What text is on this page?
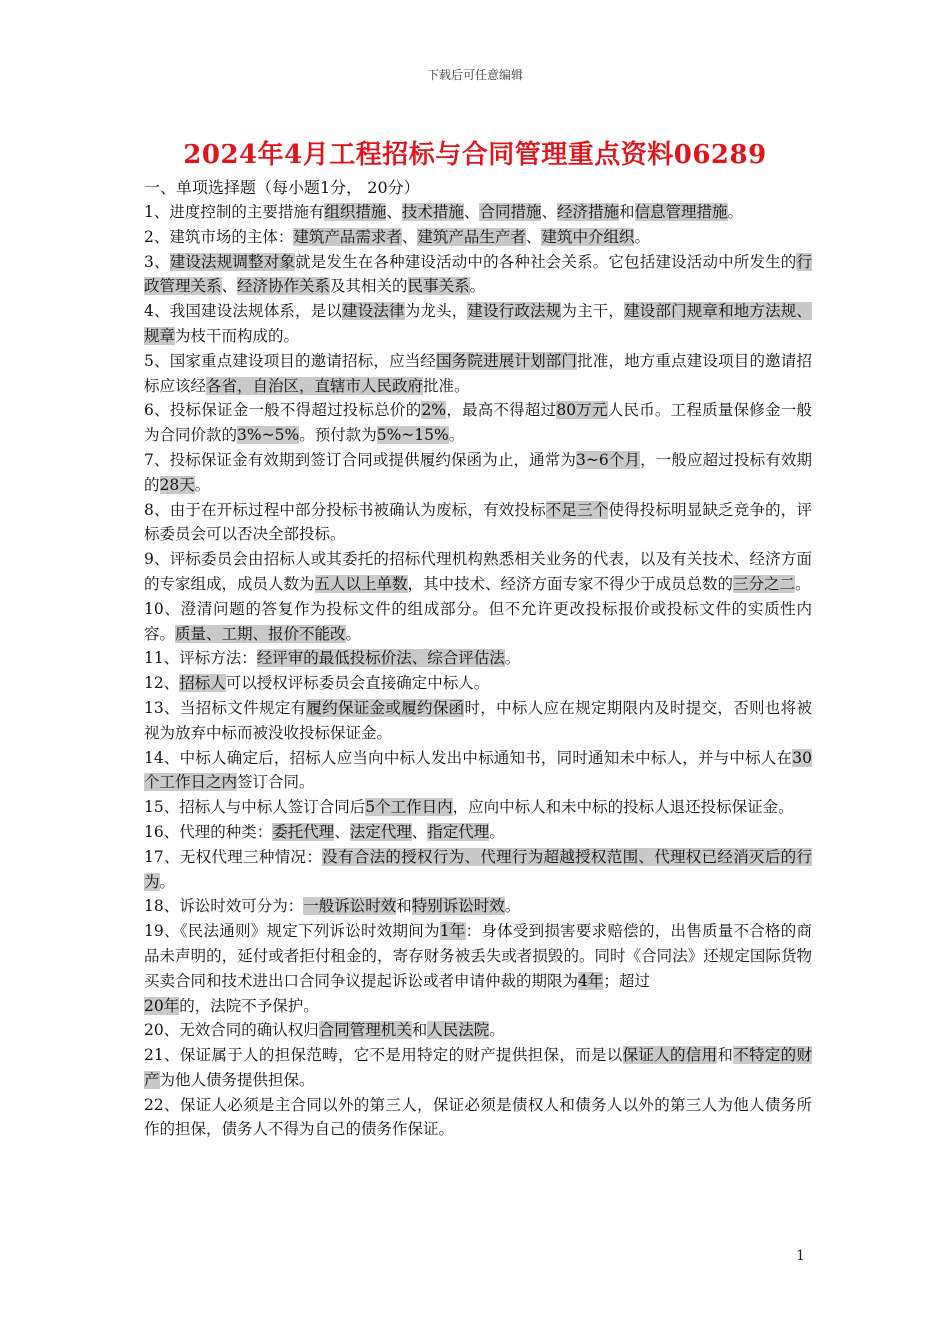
下载后可任意编辑
2024年4月工程招标与合同管理重点资料06289

一、单项选择题（每小题1分， 20分）

1、进度控制的主要措施有组织措施、技术措施、合同措施、经济措施和信息管理措施。

2、建筑市场的主体：建筑产品需求者、建筑产品生产者、建筑中介组织。

3、建设法规调整对象就是发生在各种建设活动中的各种社会关系。它包括建设活动中所发生的行政管理关系、经济协作关系及其相关的民事关系。

4、我国建设法规体系，是以建设法律为龙头，建设行政法规为主干，建设部门规章和地方法规、规章为枝干而构成的。

5、国家重点建设项目的邀请招标，应当经国务院进展计划部门批准，地方重点建设项目的邀请招标应该经各省，自治区，直辖市人民政府批准。

6、投标保证金一般不得超过投标总价的2%，最高不得超过80万元人民币。工程质量保修金一般为合同价款的3%~5%。预付款为5%~15%。

7、投标保证金有效期到签订合同或提供履约保函为止，通常为3~6个月，一般应超过投标有效期的28天。

8、由于在开标过程中部分投标书被确认为废标，有效投标不足三个使得投标明显缺乏竞争的，评标委员会可以否决全部投标。

9、评标委员会由招标人或其委托的招标代理机构熟悉相关业务的代表，以及有关技术、经济方面的专家组成，成员人数为五人以上单数，其中技术、经济方面专家不得少于成员总数的三分之二。

10、澄清问题的答复作为投标文件的组成部分。但不允许更改投标报价或投标文件的实质性内容。质量、工期、报价不能改。

11、评标方法：经评审的最低投标价法、综合评估法。

12、招标人可以授权评标委员会直接确定中标人。

13、当招标文件规定有履约保证金或履约保函时，中标人应在规定期限内及时提交，否则也将被视为放弃中标而被没收投标保证金。

14、中标人确定后，招标人应当向中标人发出中标通知书，同时通知未中标人，并与中标人在30个工作日之内签订合同。

15、招标人与中标人签订合同后5个工作日内，应向中标人和未中标的投标人退还投标保证金。

16、代理的种类：委托代理、法定代理、指定代理。

17、无权代理三种情况：没有合法的授权行为、代理行为超越授权范围、代理权已经消灭后的行为。

18、诉讼时效可分为：一般诉讼时效和特别诉讼时效。

19、《民法通则》规定下列诉讼时效期间为1年：身体受到损害要求赔偿的，出售质量不合格的商品未声明的，延付或者拒付租金的，寄存财务被丢失或者损毁的。同时《合同法》还规定国际货物买卖合同和技术进出口合同争议提起诉讼或者申请仲裁的期限为4年；超过
20年的，法院不予保护。

20、无效合同的确认权归合同管理机关和人民法院。

21、保证属于人的担保范畴，它不是用特定的财产提供担保，而是以保证人的信用和不特定的财产为他人债务提供担保。

22、保证人必须是主合同以外的第三人，保证必须是债权人和债务人以外的第三人为他人债务所作的担保，债务人不得为自己的债务作保证。

1
